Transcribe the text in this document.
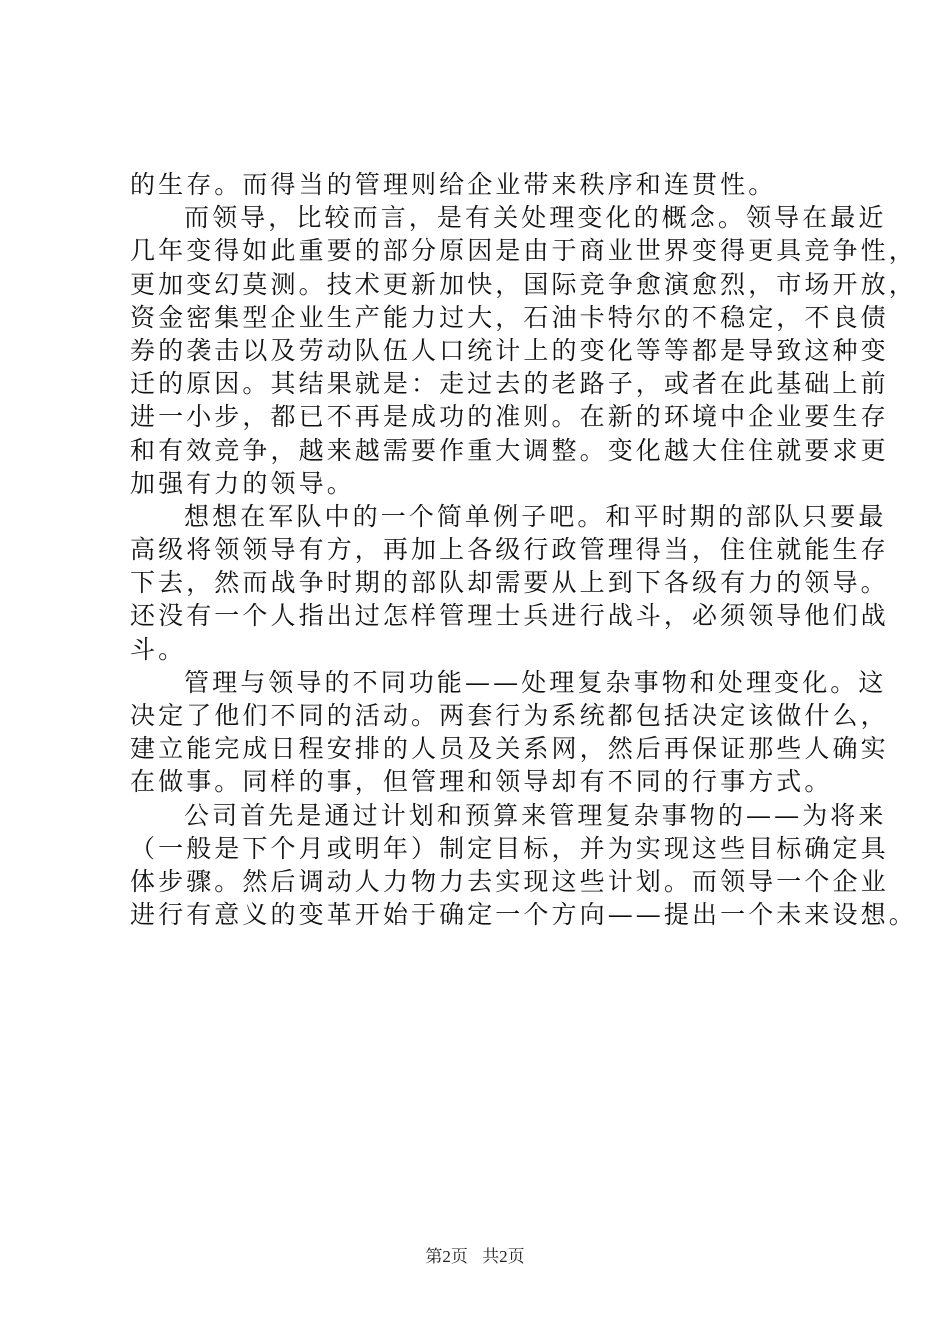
的生存。而得当的管理则给企业带来秩序和连贯性。
而领导，比较而言，是有关处理变化的概念。领导在最近
几年变得如此重要的部分原因是由于商业世界变得更具竞争性，
更加变幻莫测。技术更新加快，国际竞争愈演愈烈，市场开放，
资金密集型企业生产能力过大，石油卡特尔的不稳定，不良债
券的袭击以及劳动队伍人口统计上的变化等等都是导致这种变
迁的原因。其结果就是：走过去的老路子，或者在此基础上前
进一小步，都已不再是成功的准则。在新的环境中企业要生存
和有效竞争，越来越需要作重大调整。变化越大住住就要求更
加强有力的领导。
想想在军队中的一个简单例子吧。和平时期的部队只要最
高级将领领导有方，再加上各级行政管理得当，住住就能生存
下去，然而战争时期的部队却需要从上到下各级有力的领导。
还没有一个人指出过怎样管理士兵进行战斗，必须领导他们战
斗。
管理与领导的不同功能——处理复杂事物和处理变化。这
决定了他们不同的活动。两套行为系统都包括决定该做什么，
建立能完成日程安排的人员及关系网，然后再保证那些人确实
在做事。同样的事，但管理和领导却有不同的行事方式。
公司首先是通过计划和预算来管理复杂事物的——为将来
（一般是下个月或明年）制定目标，并为实现这些目标确定具
体步骤。然后调动人力物力去实现这些计划。而领导一个企业
进行有意义的变革开始于确定一个方向——提出一个未来设想。
第2页 共2页
